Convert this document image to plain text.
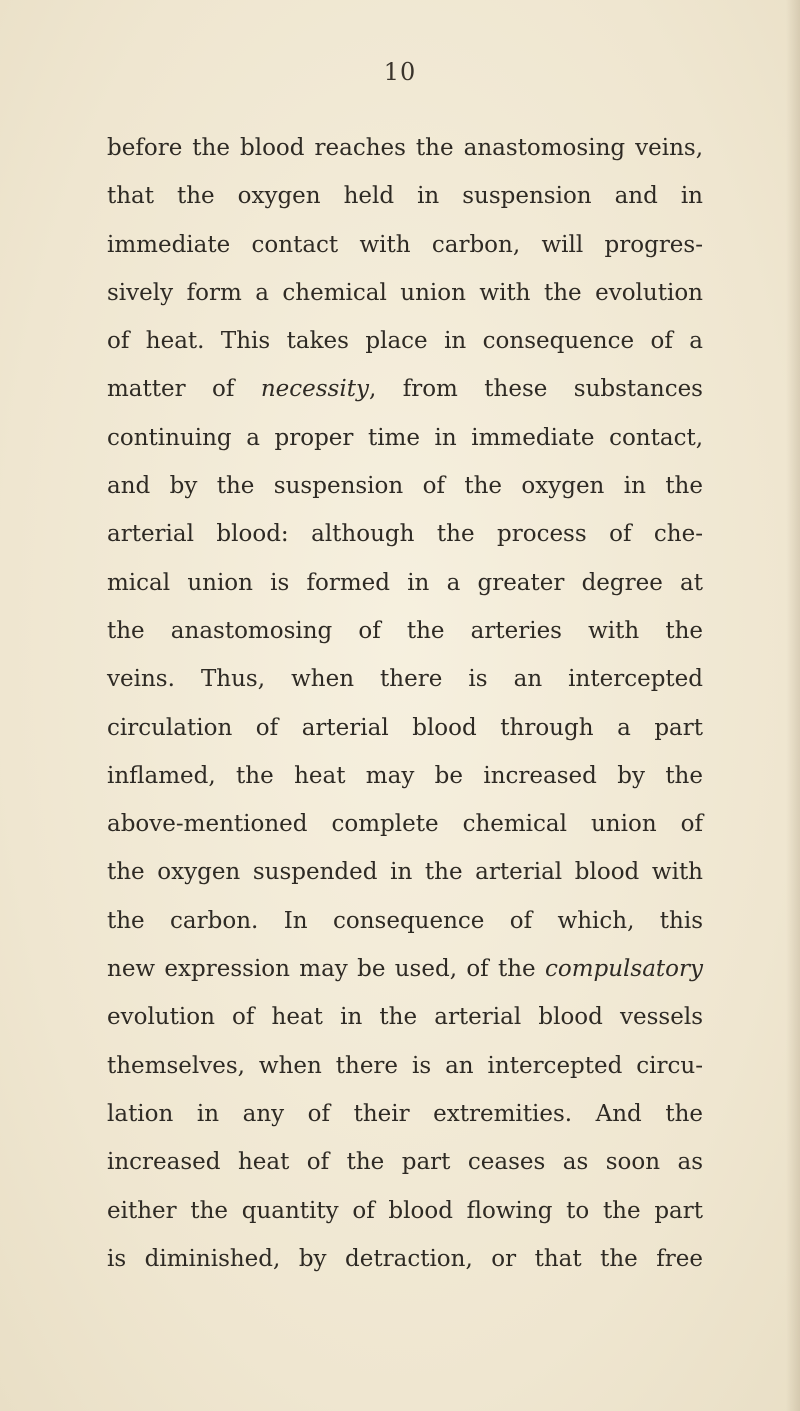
10
before the blood reaches the anastomosing veins,
that the oxygen held in suspension and in
immediate contact with carbon, will progres-
sively form a chemical union with the evolution
of heat. This takes place in consequence of a
matter of necessity, from these substances
continuing a proper time in immediate contact,
and by the suspension of the oxygen in the
arterial blood: although the process of che-
mical union is formed in a greater degree at
the anastomosing of the arteries with the
veins. Thus, when there is an intercepted
circulation of arterial blood through a part
inflamed, the heat may be increased by the
above-mentioned complete chemical union of
the oxygen suspended in the arterial blood with
the carbon. In consequence of which, this
new expression may be used, of the compulsatory
evolution of heat in the arterial blood vessels
themselves, when there is an intercepted circu-
lation in any of their extremities. And the
increased heat of the part ceases as soon as
either the quantity of blood flowing to the part
is diminished, by detraction, or that the free
